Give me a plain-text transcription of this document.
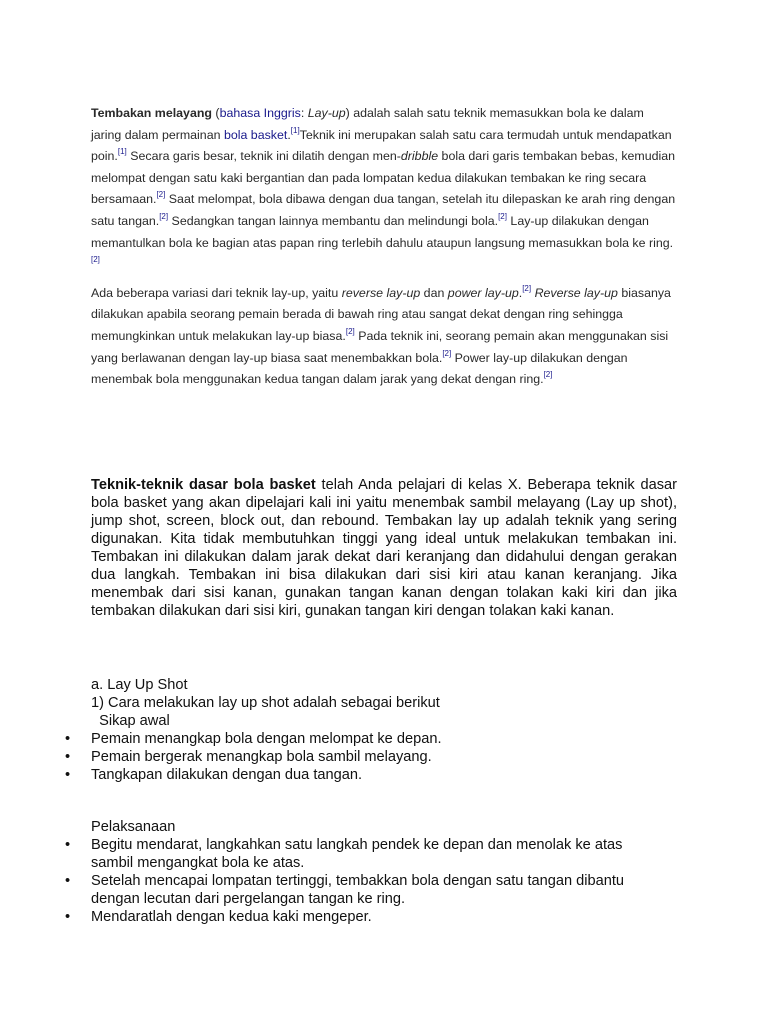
Tembakan melayang (bahasa Inggris: Lay-up) adalah salah satu teknik memasukkan bola ke dalam jaring dalam permainan bola basket.[1]Teknik ini merupakan salah satu cara termudah untuk mendapatkan poin.[1] Secara garis besar, teknik ini dilatih dengan men-dribble bola dari garis tembakan bebas, kemudian melompat dengan satu kaki bergantian dan pada lompatan kedua dilakukan tembakan ke ring secara bersamaan.[2] Saat melompat, bola dibawa dengan dua tangan, setelah itu dilepaskan ke arah ring dengan satu tangan.[2] Sedangkan tangan lainnya membantu dan melindungi bola.[2] Lay-up dilakukan dengan memantulkan bola ke bagian atas papan ring terlebih dahulu ataupun langsung memasukkan bola ke ring.[2]

Ada beberapa variasi dari teknik lay-up, yaitu reverse lay-up dan power lay-up.[2] Reverse lay-up biasanya dilakukan apabila seorang pemain berada di bawah ring atau sangat dekat dengan ring sehingga memungkinkan untuk melakukan lay-up biasa.[2] Pada teknik ini, seorang pemain akan menggunakan sisi yang berlawanan dengan lay-up biasa saat menembakkan bola.[2] Power lay-up dilakukan dengan menembak bola menggunakan kedua tangan dalam jarak yang dekat dengan ring.[2]

Teknik-teknik dasar bola basket telah Anda pelajari di kelas X. Beberapa teknik dasar bola basket yang akan dipelajari kali ini yaitu menembak sambil melayang (Lay up shot), jump shot, screen, block out, dan rebound. Tembakan lay up adalah teknik yang sering digunakan. Kita tidak membutuhkan tinggi yang ideal untuk melakukan tembakan ini. Tembakan ini dilakukan dalam jarak dekat dari keranjang dan didahului dengan gerakan dua langkah. Tembakan ini bisa dilakukan dari sisi kiri atau kanan keranjang. Jika menembak dari sisi kanan, gunakan tangan kanan dengan tolakan kaki kiri dan jika tembakan dilakukan dari sisi kiri, gunakan tangan kiri dengan tolakan kaki kanan.
a. Lay Up Shot
1) Cara melakukan lay up shot adalah sebagai berikut
Sikap awal
• Pemain menangkap bola dengan melompat ke depan.
• Pemain bergerak menangkap bola sambil melayang.
• Tangkapan dilakukan dengan dua tangan.
Pelaksanaan
• Begitu mendarat, langkahkan satu langkah pendek ke depan dan menolak ke atas sambil mengangkat bola ke atas.
• Setelah mencapai lompatan tertinggi, tembakkan bola dengan satu tangan dibantu dengan lecutan dari pergelangan tangan ke ring.
• Mendaratlah dengan kedua kaki mengeper.
